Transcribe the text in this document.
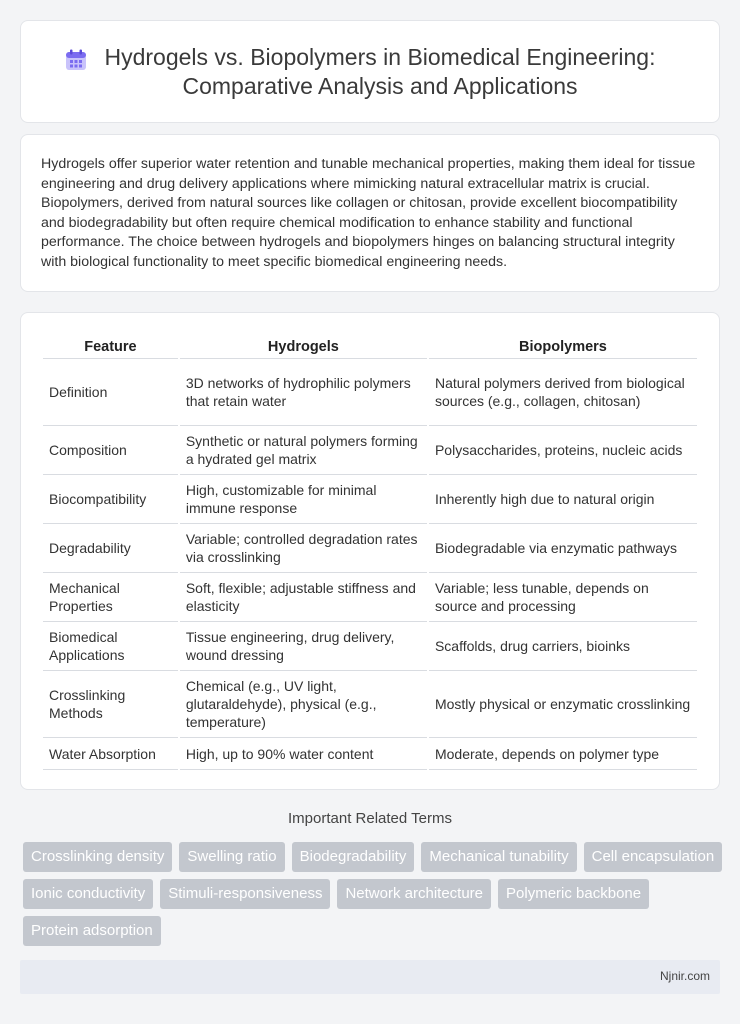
Hydrogels vs. Biopolymers in Biomedical Engineering: Comparative Analysis and Applications

Hydrogels offer superior water retention and tunable mechanical properties, making them ideal for tissue engineering and drug delivery applications where mimicking natural extracellular matrix is crucial. Biopolymers, derived from natural sources like collagen or chitosan, provide excellent biocompatibility and biodegradability but often require chemical modification to enhance stability and functional performance. The choice between hydrogels and biopolymers hinges on balancing structural integrity with biological functionality to meet specific biomedical engineering needs.

Feature	Hydrogels	Biopolymers
Definition	3D networks of hydrophilic polymers that retain water	Natural polymers derived from biological sources (e.g., collagen, chitosan)
Composition	Synthetic or natural polymers forming a hydrated gel matrix	Polysaccharides, proteins, nucleic acids
Biocompatibility	High, customizable for minimal immune response	Inherently high due to natural origin
Degradability	Variable; controlled degradation rates via crosslinking	Biodegradable via enzymatic pathways
Mechanical Properties	Soft, flexible; adjustable stiffness and elasticity	Variable; less tunable, depends on source and processing
Biomedical Applications	Tissue engineering, drug delivery, wound dressing	Scaffolds, drug carriers, bioinks
Crosslinking Methods	Chemical (e.g., UV light, glutaraldehyde), physical (e.g., temperature)	Mostly physical or enzymatic crosslinking
Water Absorption	High, up to 90% water content	Moderate, depends on polymer type
Important Related Terms
Crosslinking density	Swelling ratio	Biodegradability	Mechanical tunability	Cell encapsulation
Ionic conductivity	Stimuli-responsiveness	Network architecture	Polymeric backbone
Protein adsorption
Njnir.com
